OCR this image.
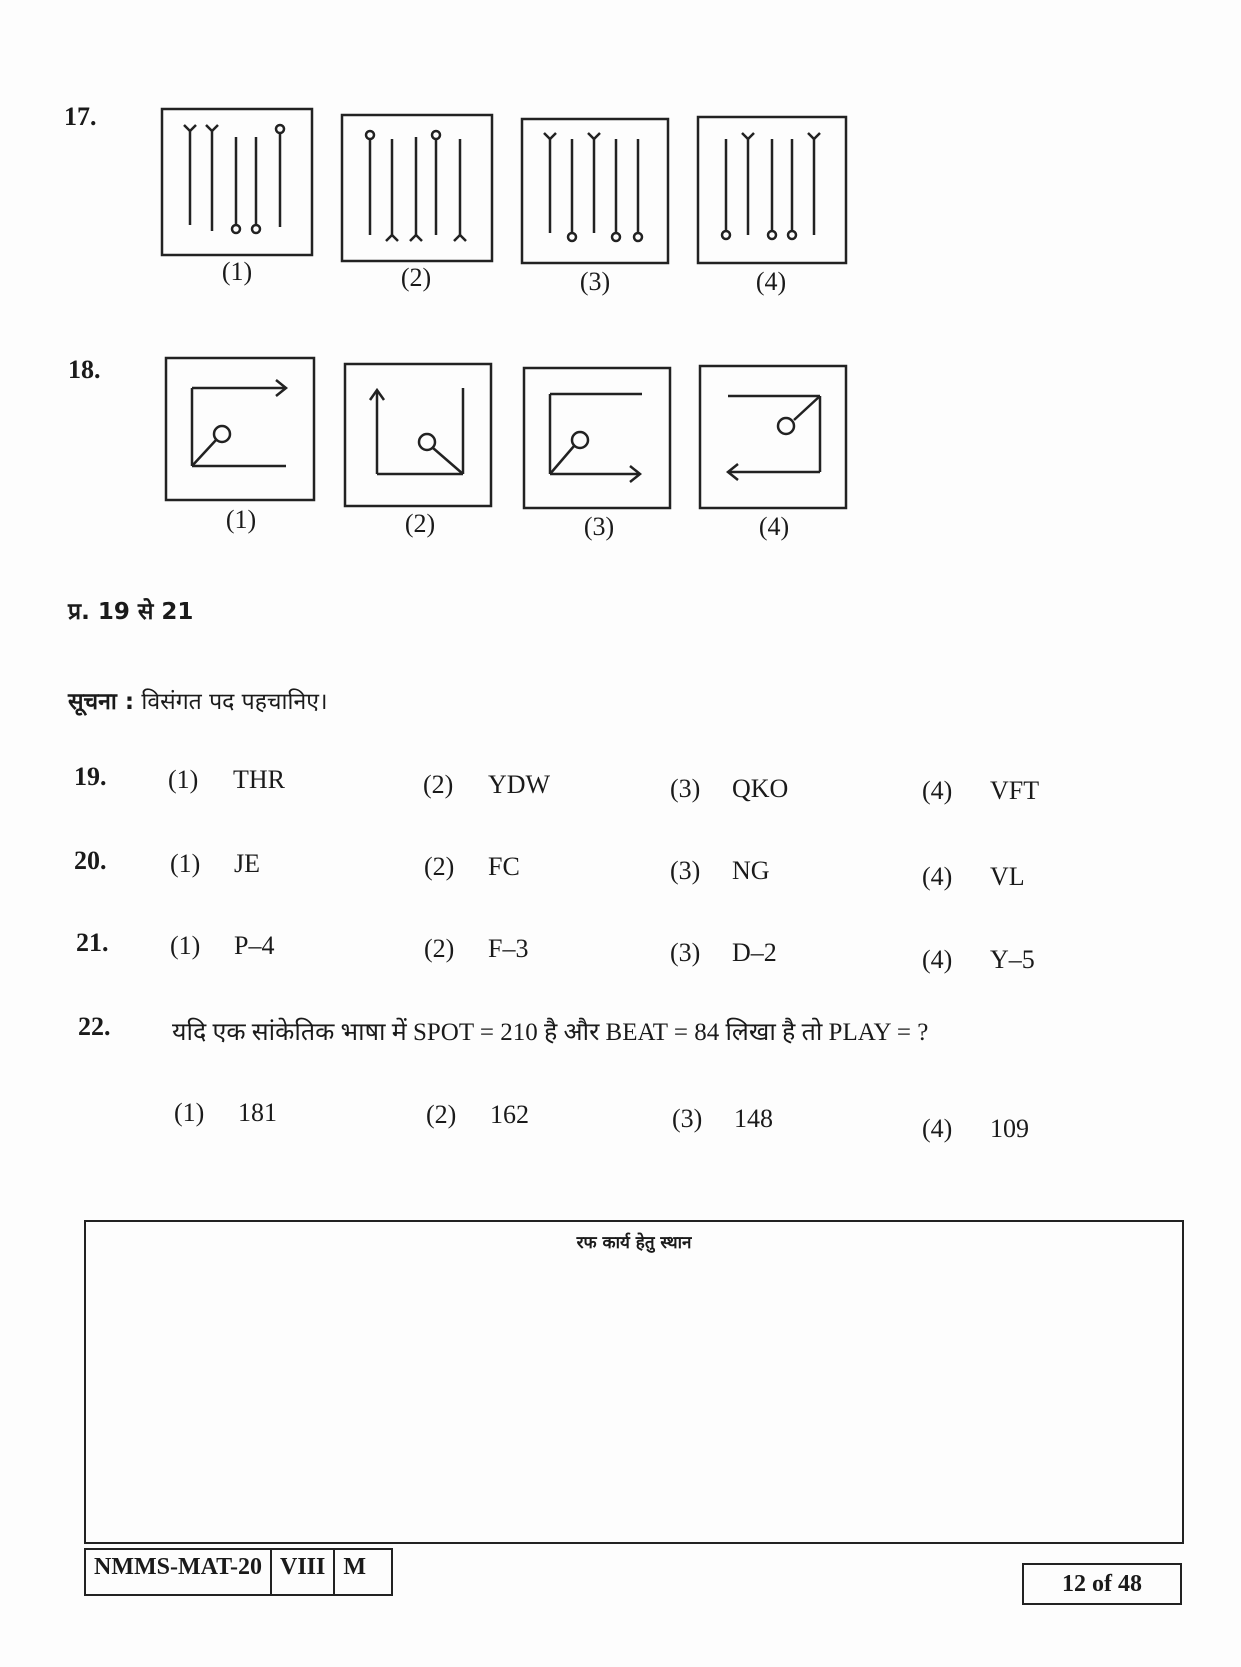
17.
(1)	(2)	(3)	(4)
18.
(1)	(2)	(3)	(4)
प्र. 19 से 21
सूचना : विसंगत पद पहचानिए।
19. (1) THR	(2) YDW	(3) QKO	(4) VFT
20. (1) JE	(2) FC	(3) NG	(4) VL
21. (1) P–4	(2) F–3	(3) D–2	(4) Y–5
22. यदि एक सांकेतिक भाषा में SPOT = 210 है और BEAT = 84 लिखा है तो PLAY = ?
(1) 181	(2) 162	(3) 148	(4) 109
रफ कार्य हेतु स्थान
NMMS-MAT-20 VIII M
12 of 48
